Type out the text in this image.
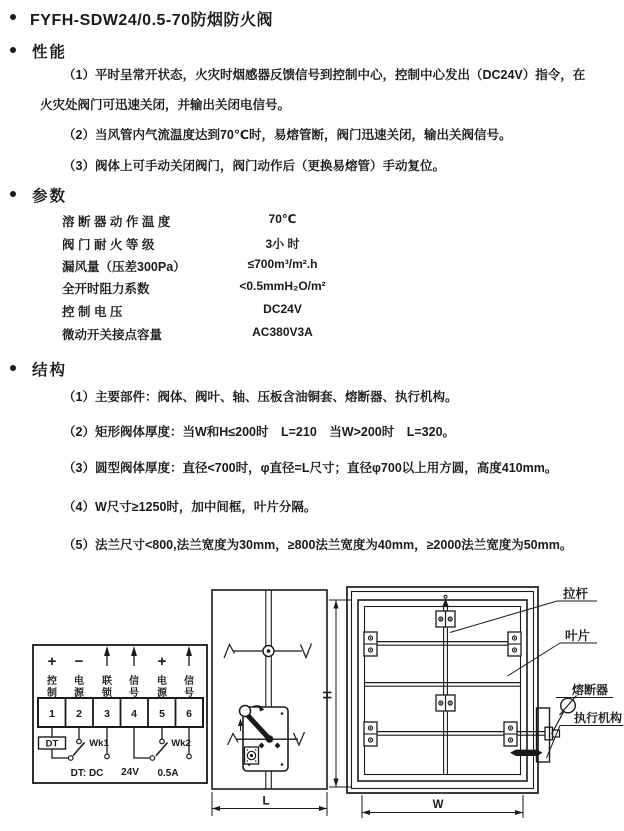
FYFH-SDW24/0.5-70防烟防火阀
性能
（1）平时呈常开状态，火灾时烟感器反馈信号到控制中心，控制中心发出（DC24V）指令，在
火灾处阀门可迅速关闭，并输出关闭电信号。
（2）当风管内气流温度达到70℃时，易熔管断，阀门迅速关闭，输出关阀信号。
（3）阀体上可手动关闭阀门，阀门动作后（更换易熔管）手动复位。
参数
溶 断 器 动 作 温 度	70℃
阀 门 耐 火 等 级	3小 时
漏风量（压差300Pa）	≤700m³/m².h
全开时阻力系数	<0.5mmH₂O/m²
控 制 电 压	DC24V
微动开关接点容量	AC380V3A
结构
（1）主要部件：阀体、阀叶、轴、压板含油铜套、熔断器、执行机构。
（2）矩形阀体厚度：当W和H≤200时　L=210　当W>200时　L=320。
（3）圆型阀体厚度：直径<700时，φ直径=L尺寸；直径φ700以上用方圆，高度410mm。
（4）W尺寸≥1250时，加中间框，叶片分隔。
（5）法兰尺寸<800,法兰宽度为30mm，≥800法兰宽度为40mm，≥2000法兰宽度为50mm。
+ −	+
控
制
电
源
联
锁
信
号
电
源
信
号
1 2 3 4 5 6
DT	Wk1	Wk2
DT: DC 24V 0.5A
L
拉杆
叶片
熔断器
执行机构
H
W
